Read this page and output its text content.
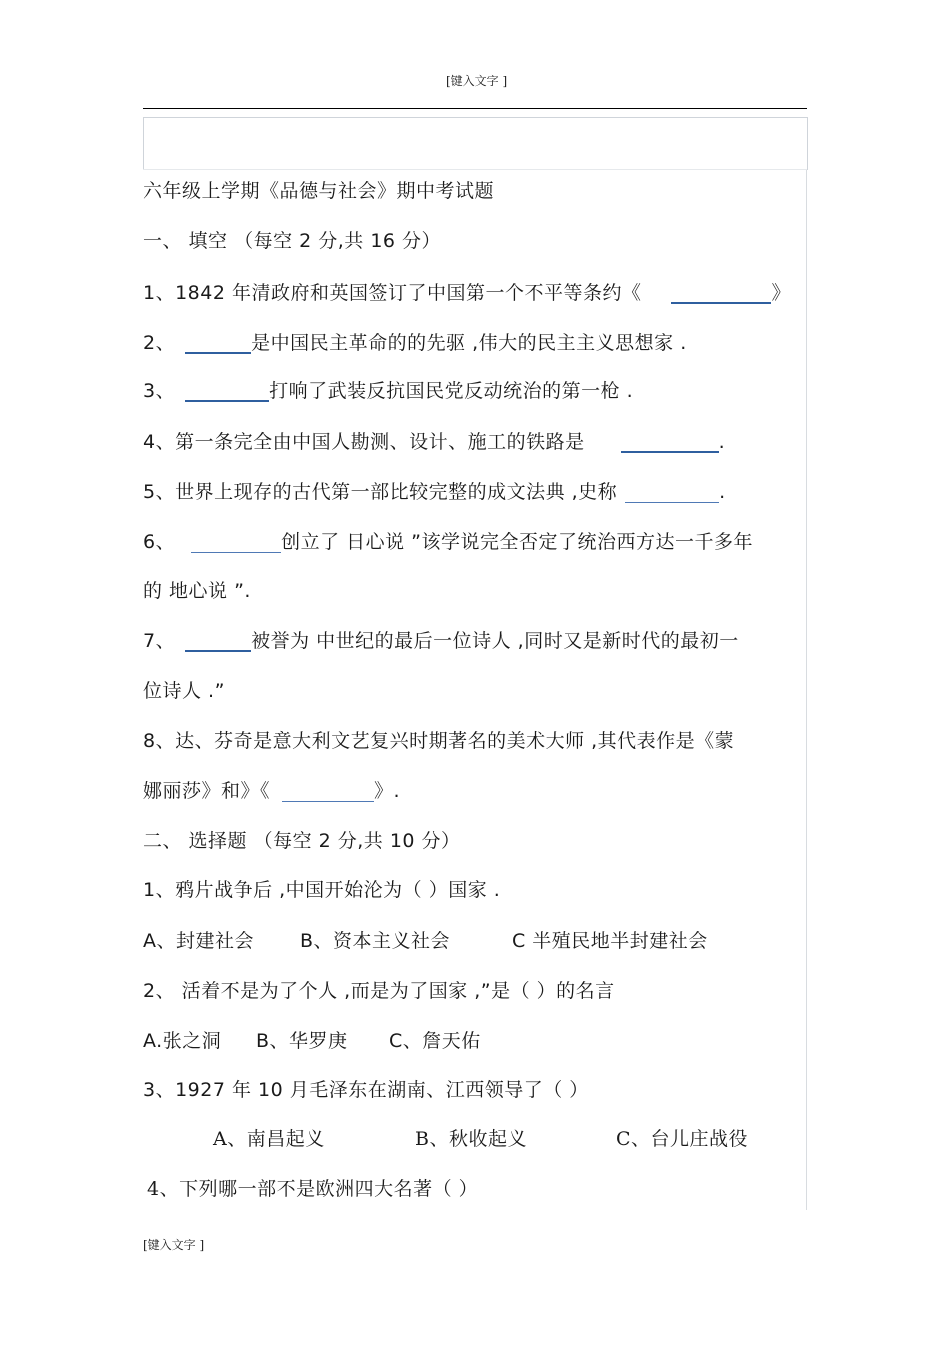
[键入文字 ]
六年级上学期《品德与社会》期中考试题
一、 填空 （每空 2 分,共 16 分）
1、1842 年清政府和英国签订了中国第一个不平等条约《	》
2、	是中国民主革命的的先驱 ,伟大的民主主义思想家 .
3、	打响了武装反抗国民党反动统治的第一枪 .
4、第一条完全由中国人勘测、设计、施工的铁路是	.
5、世界上现存的古代第一部比较完整的成文法典 ,史称	.
6、	创立了 日心说 ”该学说完全否定了统治西方达一千多年
的 地心说 ”.
7、	被誉为 中世纪的最后一位诗人 ,同时又是新时代的最初一
位诗人 .”
8、达、芬奇是意大利文艺复兴时期著名的美术大师 ,其代表作是《蒙
娜丽莎》和》《	》.
二、 选择题 （每空 2 分,共 10 分）
1、鸦片战争后 ,中国开始沦为（ ）国家 .
A、封建社会 B、资本主义社会	C 半殖民地半封建社会
2、 活着不是为了个人 ,而是为了国家 ,”是（ ）的名言
A.张之洞 B、华罗庚 C、詹天佑
3、1927 年 10 月毛泽东在湖南、江西领导了（ ）
A、南昌起义	B、秋收起义	C、台儿庄战役
4、下列哪一部不是欧洲四大名著（ ）
[键入文字 ]
